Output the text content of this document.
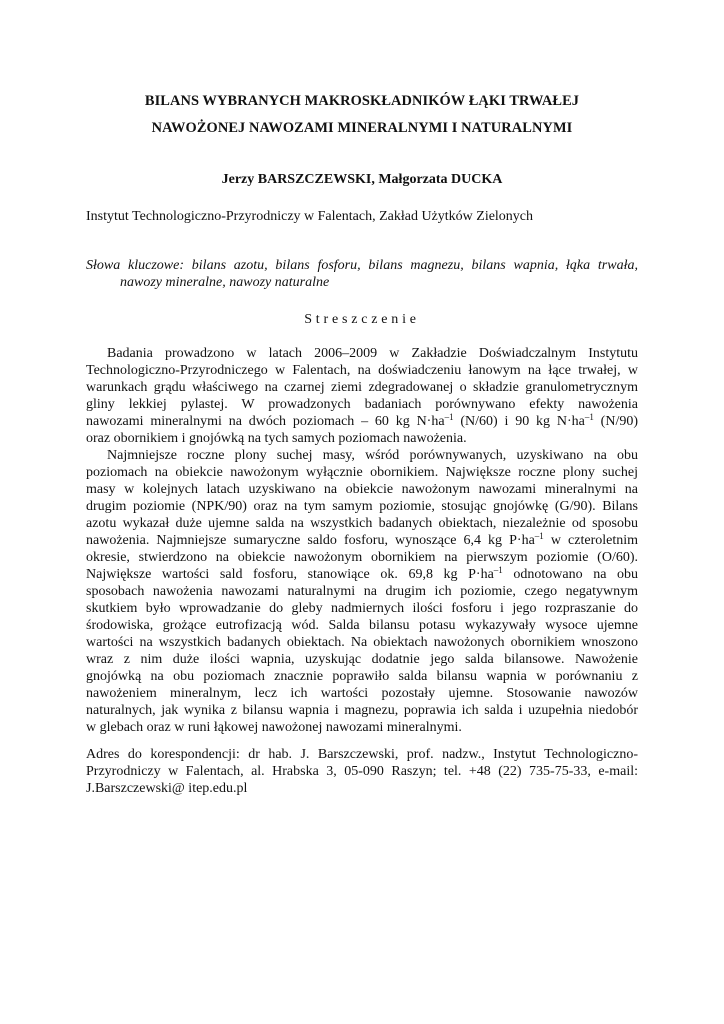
BILANS WYBRANYCH MAKROSKŁADNIKÓW ŁĄKI TRWAŁEJ
NAWOŻONEJ NAWOZAMI MINERALNYMI I NATURALNYMI

Jerzy BARSZCZEWSKI, Małgorzata DUCKA

Instytut Technologiczno-Przyrodniczy w Falentach, Zakład Użytków Zielonych

Słowa kluczowe: bilans azotu, bilans fosforu, bilans magnezu, bilans wapnia, łąka trwała,
nawozy mineralne, nawozy naturalne

Streszczenie

Badania prowadzono w latach 2006–2009 w Zakładzie Doświadczalnym Instytutu
Technologiczno-Przyrodniczego w Falentach, na doświadczeniu łanowym na łące trwałej, w
warunkach grądu właściwego na czarnej ziemi zdegradowanej o składzie granulometrycznym
gliny lekkiej pylastej. W prowadzonych badaniach porównywano efekty nawożenia
nawozami mineralnymi na dwóch poziomach – 60 kg $N\cdot ha^{-1}$ (N/60) i 90 kg $N\cdot ha^{-1}$ (N/90)
oraz obornikiem i gnojówką na tych samych poziomach nawożenia.
Najmniejsze roczne plony suchej masy, wśród porównywanych, uzyskiwano na obu
poziomach na obiekcie nawożonym wyłącznie obornikiem. Największe roczne plony suchej
masy w kolejnych latach uzyskiwano na obiekcie nawożonym nawozami mineralnymi na
drugim poziomie (NPK/90) oraz na tym samym poziomie, stosując gnojówkę (G/90). Bilans
azotu wykazał duże ujemne salda na wszystkich badanych obiektach, niezależnie od sposobu
nawożenia. Najmniejsze sumaryczne saldo fosforu, wynoszące 6,4 kg $P\cdot ha^{-1}$ w czteroletnim
okresie, stwierdzono na obiekcie nawożonym obornikiem na pierwszym poziomie (O/60).
Największe wartości sald fosforu, stanowiące ok. 69,8 kg $P\cdot ha^{-1}$ odnotowano na obu
sposobach nawożenia nawozami naturalnymi na drugim ich poziomie, czego negatywnym
skutkiem było wprowadzanie do gleby nadmiernych ilości fosforu i jego rozpraszanie do
środowiska, grożące eutrofizacją wód. Salda bilansu potasu wykazywały wysoce ujemne
wartości na wszystkich badanych obiektach. Na obiektach nawożonych obornikiem wnoszono
wraz z nim duże ilości wapnia, uzyskując dodatnie jego salda bilansowe. Nawożenie
gnojówką na obu poziomach znacznie poprawiło salda bilansu wapnia w porównaniu z
nawożeniem mineralnym, lecz ich wartości pozostały ujemne. Stosowanie nawozów
naturalnych, jak wynika z bilansu wapnia i magnezu, poprawia ich salda i uzupełnia niedobór
w glebach oraz w runi łąkowej nawożonej nawozami mineralnymi.
Adres do korespondencji: dr hab. J. Barszczewski, prof. nadzw., Instytut Technologiczno-
Przyrodniczy w Falentach, al. Hrabska 3, 05-090 Raszyn; tel. +48 (22) 735-75-33, e-mail:
J.Barszczewski@ itep.edu.pl
